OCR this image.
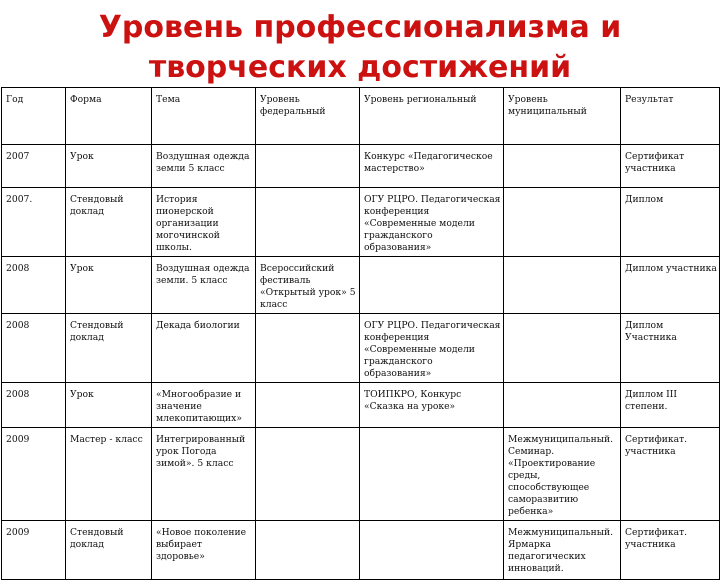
Уровень профессионализма и
творческих достижений
Год	Форма	Тема	Уровень федеральный	Уровень региональный	Уровень муниципальный	Результат
2007	Урок	Воздушная одежда земли 5 класс		Конкурс «Педагогическое мастерство»		Сертификат участника
2007.	Стендовый доклад	История пионерской организации могочинской школы.		ОГУ РЦРО. Педагогическая конференция «Современные модели гражданского образования»		Диплом
2008	Урок	Воздушная одежда земли. 5 класс	Всероссийский фестиваль «Открытый урок» 5 класс			Диплом участника
2008	Стендовый доклад	Декада биологии		ОГУ РЦРО. Педагогическая конференция «Современные модели гражданского образования»		Диплом Участника
2008	Урок	«Многообразие и значение млекопитающих»		ТОИПКРО, Конкурс «Сказка на уроке»		Диплом III степени.
2009	Мастер - класс	Интегрированный урок Погода зимой». 5 класс			Межмуниципальный. Семинар. «Проектирование среды, способствующее саморазвитию ребенка»	Сертификат. участника
2009	Стендовый доклад	«Новое поколение выбирает здоровье»			Межмуниципальный. Ярмарка педагогических инноваций.	Сертификат. участника
